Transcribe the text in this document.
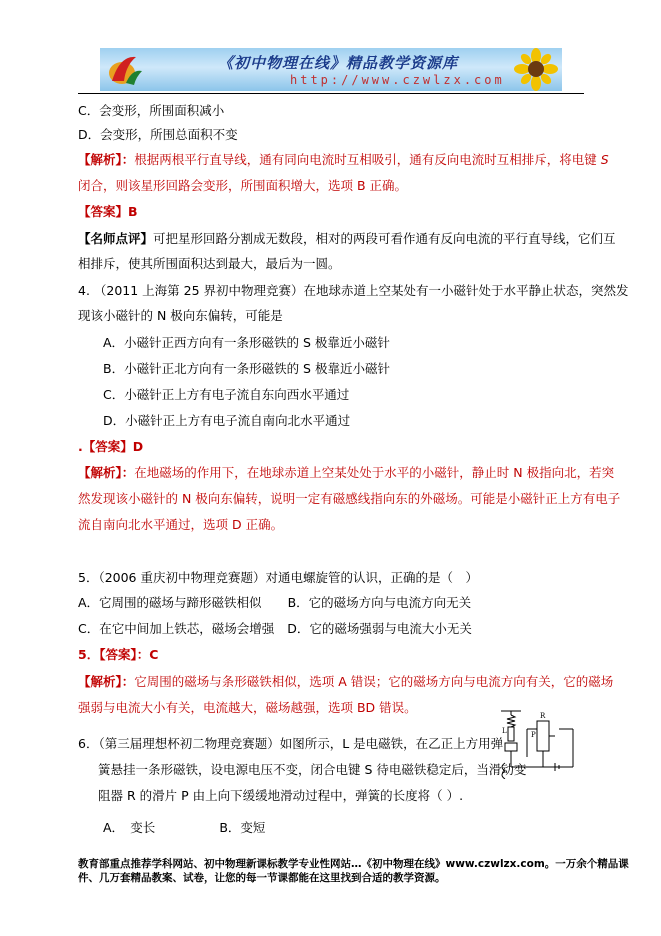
《初中物理在线》精品教学资源库
http://www.czwlzx.com
C．会变形，所围面积减小
D．会变形，所围总面积不变
【解析】：根据两根平行直导线，通有同向电流时互相吸引，通有反向电流时互相排斥，将电键 S
闭合，则该星形回路会变形，所围面积增大，选项 B 正确。
【答案】B
【名师点评】可把星形回路分割成无数段，相对的两段可看作通有反向电流的平行直导线，它们互
相排斥，使其所围面积达到最大，最后为一圆。
4. （2011 上海第 25 界初中物理竞赛）在地球赤道上空某处有一小磁针处于水平静止状态，突然发
现该小磁针的 N 极向东偏转，可能是
A．小磁针正西方向有一条形磁铁的 S 极靠近小磁针
B．小磁针正北方向有一条形磁铁的 S 极靠近小磁针
C．小磁针正上方有电子流自东向西水平通过
D．小磁针正上方有电子流自南向北水平通过
.【答案】D
【解析】：在地磁场的作用下，在地球赤道上空某处处于水平的小磁针，静止时 N 极指向北，若突
然发现该小磁针的 N 极向东偏转，说明一定有磁感线指向东的外磁场。可能是小磁针正上方有电子
流自南向北水平通过，选项 D 正确。
5．（2006 重庆初中物理竞赛题）对通电螺旋管的认识，正确的是（　）
A．它周围的磁场与蹄形磁铁相似 B．它的磁场方向与电流方向无关
C．在它中间加上铁芯，磁场会增强 D．它的磁场强弱与电流大小无关
5．【答案】：C
【解析】：它周围的磁场与条形磁铁相似，选项 A 错误；它的磁场方向与电流方向有关，它的磁场
强弱与电流大小有关，电流越大，磁场越强，选项 BD 错误。
6．（第三届理想杯初二物理竞赛题）如图所示，L 是电磁铁，在乙正上方用弹
簧悬挂一条形磁铁，设电源电压不变，闭合电键 S 待电磁铁稳定后，当滑动变
阻器 R 的滑片 P 由上向下缓缓地滑动过程中，弹簧的长度将（ ）.
A．　变长	B．变短
L
R
P
教育部重点推荐学科网站、初中物理新课标教学专业性网站…《初中物理在线》www.czwlzx.com。一万余个精品课
件、几万套精品教案、试卷，让您的每一节课都能在这里找到合适的教学资源。
